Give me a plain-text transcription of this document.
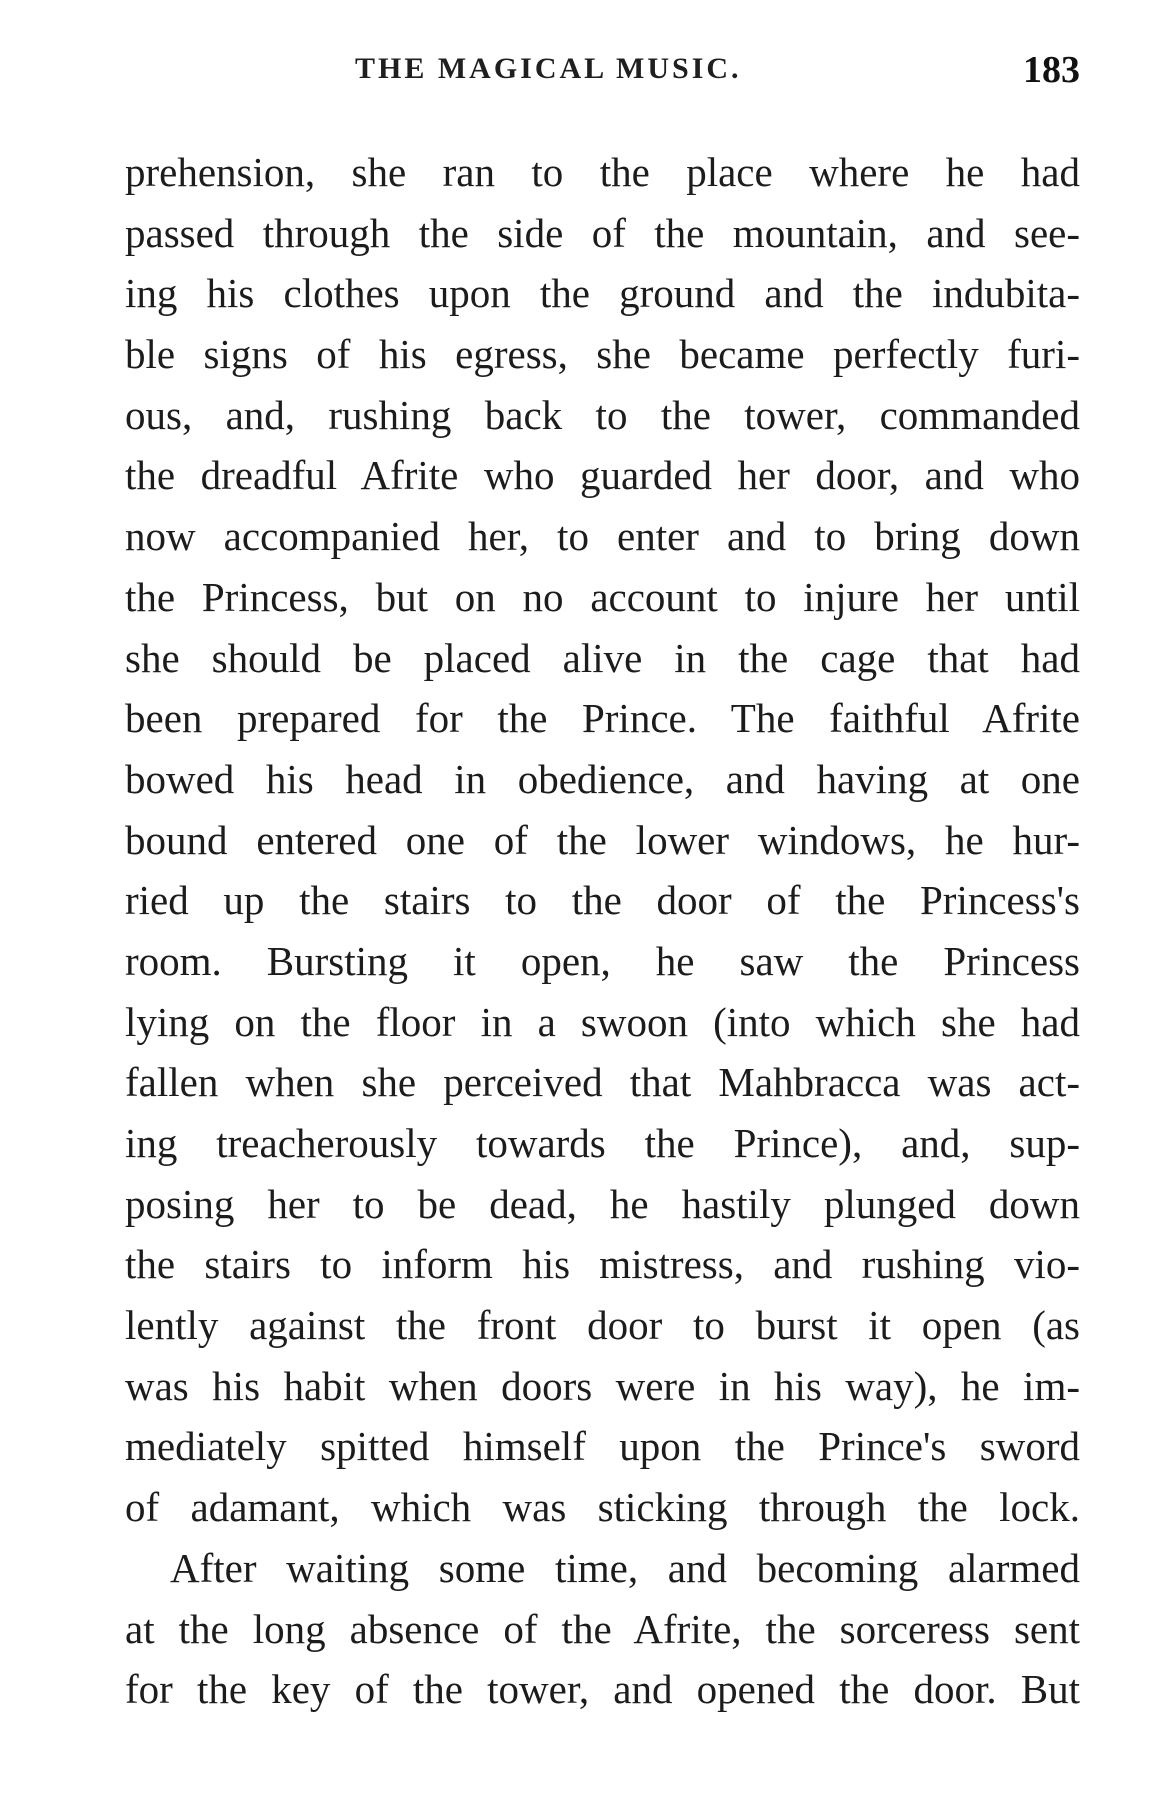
THE MAGICAL MUSIC.	183
prehension, she ran to the place where he had
passed through the side of the mountain, and see-
ing his clothes upon the ground and the indubita-
ble signs of his egress, she became perfectly furi-
ous, and, rushing back to the tower, commanded
the dreadful Afrite who guarded her door, and who
now accompanied her, to enter and to bring down
the Princess, but on no account to injure her until
she should be placed alive in the cage that had
been prepared for the Prince. The faithful Afrite
bowed his head in obedience, and having at one
bound entered one of the lower windows, he hur-
ried up the stairs to the door of the Princess's
room. Bursting it open, he saw the Princess
lying on the floor in a swoon (into which she had
fallen when she perceived that Mahbracca was act-
ing treacherously towards the Prince), and, sup-
posing her to be dead, he hastily plunged down
the stairs to inform his mistress, and rushing vio-
lently against the front door to burst it open (as
was his habit when doors were in his way), he im-
mediately spitted himself upon the Prince's sword
of adamant, which was sticking through the lock.
After waiting some time, and becoming alarmed
at the long absence of the Afrite, the sorceress sent
for the key of the tower, and opened the door. But
